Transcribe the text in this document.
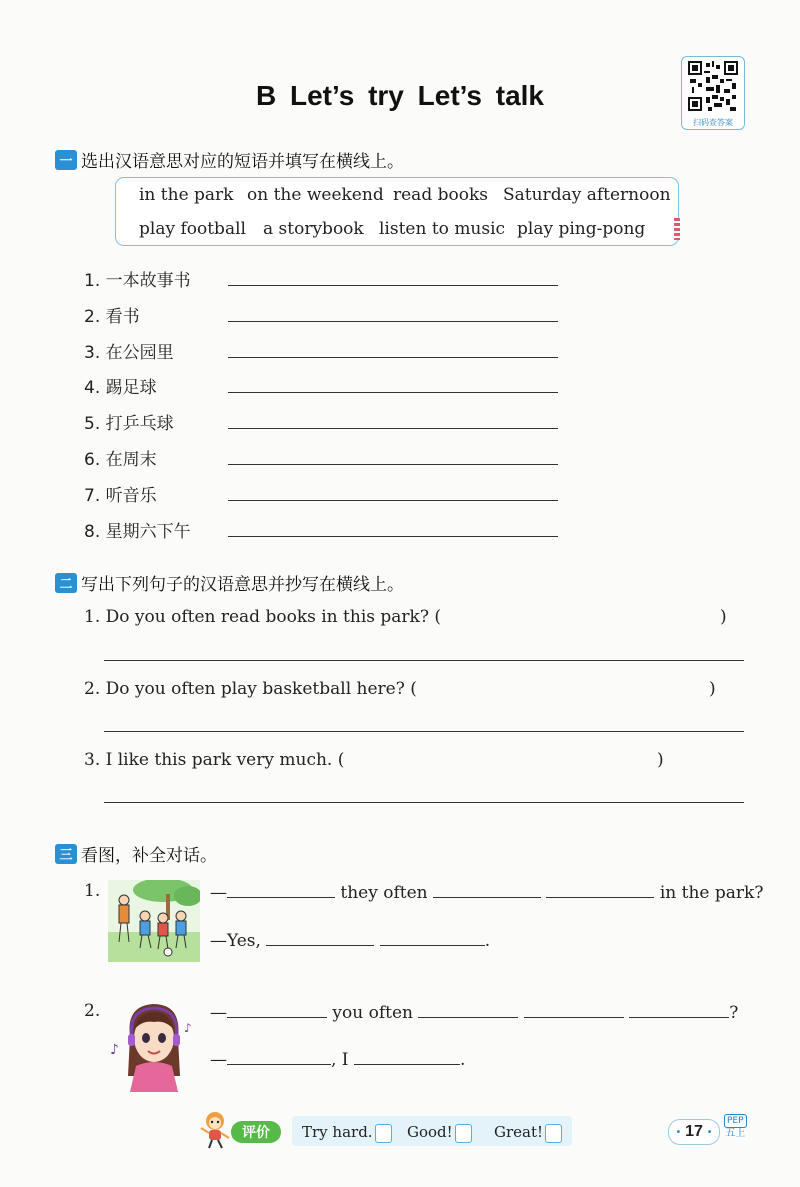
B Let’s try Let’s talk
扫码查答案
一 选出汉语意思对应的短语并填写在横线上。
in the park on the weekend read books Saturday afternoon
play football a storybook listen to music play ping-pong
1. 一本故事书
2. 看书
3. 在公园里
4. 踢足球
5. 打乒乓球
6. 在周末
7. 听音乐
8. 星期六下午
二 写出下列句子的汉语意思并抄写在横线上。
1. Do you often read books in this park? (	)
2. Do you often play basketball here? (	)
3. I like this park very much. (	)
三 看图，补全对话。
1.	—	they often	in the park?
—Yes,	.
2.
♪
♪
—	you often	?
—	, I	.
评价	Try hard.	Good!	Great!	• 17 •
PEP
五上
